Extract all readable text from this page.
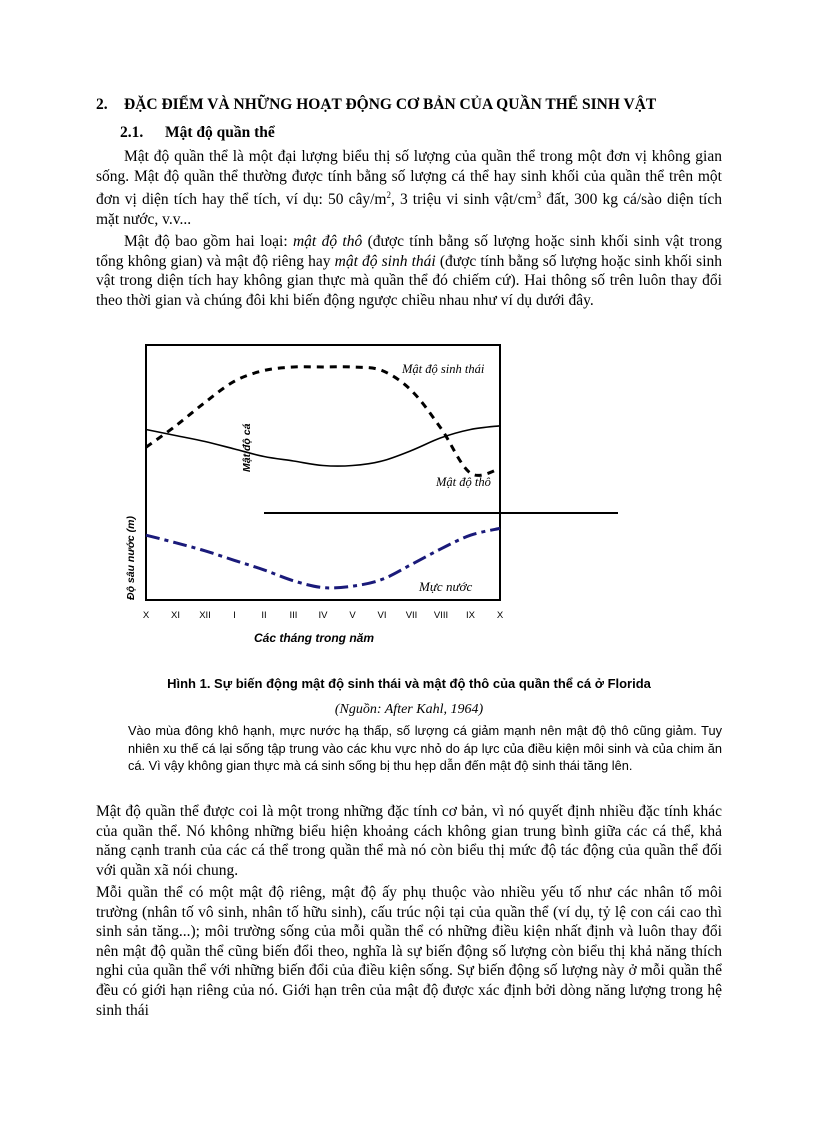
2. ĐẶC ĐIỂM VÀ NHỮNG HOẠT ĐỘNG CƠ BẢN CỦA QUẦN THỂ SINH VẬT
2.1. Mật độ quần thể

Mật độ quần thể là một đại lượng biểu thị số lượng của quần thể trong một đơn vị không gian sống. Mật độ quần thể thường được tính bằng số lượng cá thể hay sinh khối của quần thể trên một đơn vị diện tích hay thể tích, ví dụ: 50 cây/$m^2$, 3 triệu vi sinh vật/$cm^3$ đất, 300 kg cá/sào diện tích mặt nước, v.v...

Mật độ bao gồm hai loại: mật độ thô (được tính bằng số lượng hoặc sinh khối sinh vật trong tổng không gian) và mật độ riêng hay mật độ sinh thái (được tính bằng số lượng hoặc sinh khối sinh vật trong diện tích hay không gian thực mà quần thể đó chiếm cứ). Hai thông số trên luôn thay đổi theo thời gian và chúng đôi khi biến động ngược chiều nhau như ví dụ dưới đây.

Hình 1. Sự biến động mật độ sinh thái và mật độ thô của quần thể cá ở Florida
(Nguồn: After Kahl, 1964)

Vào mùa đông khô hạnh, mực nước hạ thấp, số lượng cá giảm mạnh nên mật độ thô cũng giảm. Tuy nhiên xu thế cá lại sống tập trung vào các khu vực nhỏ do áp lực của điều kiện môi sinh và của chim ăn cá. Vì vậy không gian thực mà cá sinh sống bị thu hẹp dẫn đến mật độ sinh thái tăng lên.

Mật độ quần thể được coi là một trong những đặc tính cơ bản, vì nó quyết định nhiều đặc tính khác của quần thể. Nó không những biểu hiện khoảng cách không gian trung bình giữa các cá thể, khả năng cạnh tranh của các cá thể trong quần thể mà nó còn biểu thị mức độ tác động của quần thể đối với quần xã nói chung.

Mỗi quần thể có một mật độ riêng, mật độ ấy phụ thuộc vào nhiều yếu tố như các nhân tố môi trường (nhân tố vô sinh, nhân tố hữu sinh), cấu trúc nội tại của quần thể (ví dụ, tỷ lệ con cái cao thì sinh sản tăng...); môi trường sống của mỗi quần thể có những điều kiện nhất định và luôn thay đổi nên mật độ quần thể cũng biến đổi theo, nghĩa là sự biến động số lượng còn biểu thị khả năng thích nghi của quần thể với những biến đổi của điều kiện sống. Sự biến động số lượng này ở mỗi quần thể đều có giới hạn riêng của nó. Giới hạn trên của mật độ được xác định bởi dòng năng lượng trong hệ sinh thái

X XI XII I	II III IV V VI VII VIII IX X
Mật độ sinh thái
Mật độ thô
Mực nước
Mật độ cá
Độ sâu nước (m)
Các tháng trong năm
